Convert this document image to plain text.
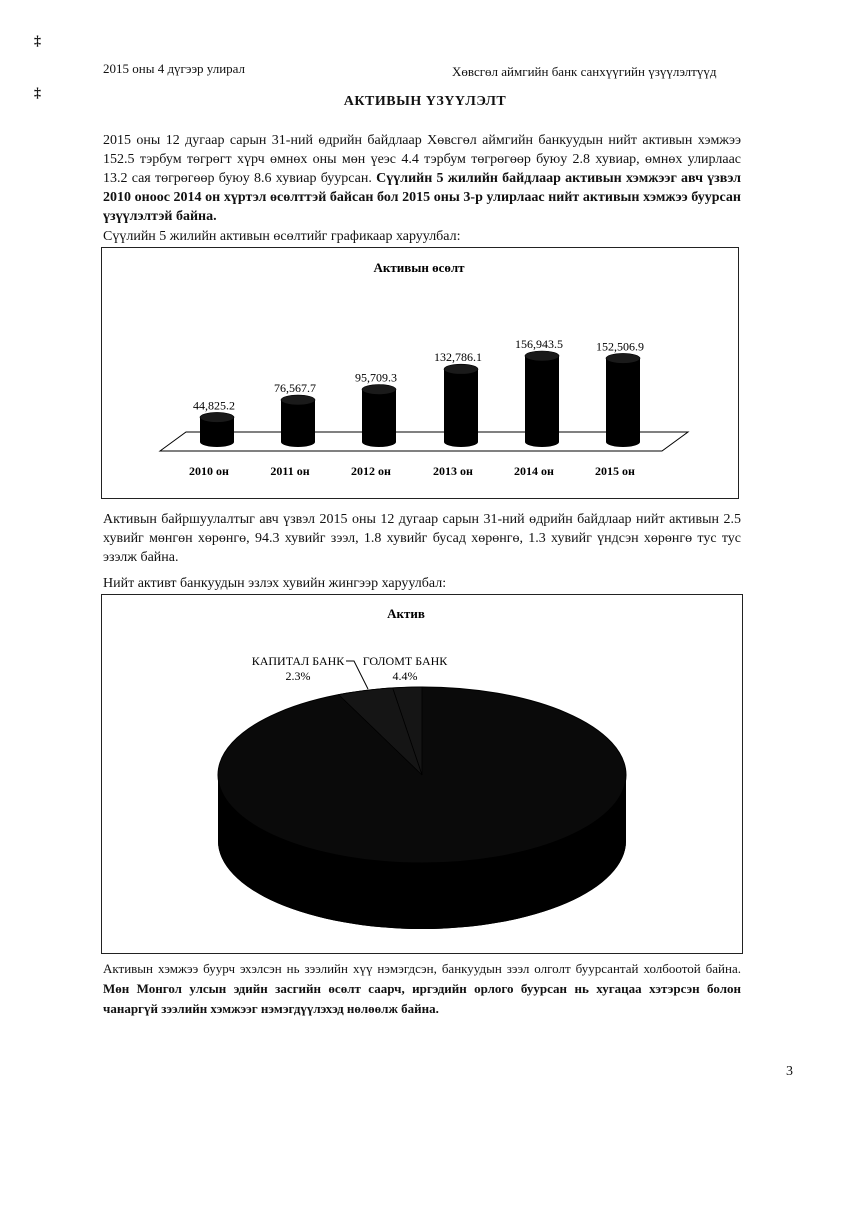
‡
‡
2015 оны 4 дүгээр улирал	Хөвсгөл аймгийн банк санхүүгийн үзүүлэлтүүд
АКТИВЫН ҮЗҮҮЛЭЛТ
2015 оны 12 дугаар сарын 31-ний өдрийн байдлаар Хөвсгөл аймгийн банкуудын нийт активын хэмжээ 152.5 тэрбум төгрөгт хүрч өмнөх оны мөн үеэс 4.4 тэрбум төгрөгөөр буюу 2.8 хувиар, өмнөх улирлаас 13.2 сая төгрөгөөр буюу 8.6 хувиар буурсан. Сүүлийн 5 жилийн байдлаар активын хэмжээг авч үзвэл 2010 оноос 2014 он хүртэл өсөлттэй байсан бол 2015 оны 3-р улирлаас нийт активын хэмжээ буурсан үзүүлэлтэй байна.
Сүүлийн 5 жилийн активын өсөлтийг графикаар харуулбал:
Активын өсөлт
44,825.2
2010 он
76,567.7
2011 он
95,709.3
2012 он
132,786.1
2013 он
156,943.5
2014 он
152,506.9
2015 он
Активын байршуулалтыг авч үзвэл 2015 оны 12 дугаар сарын 31-ний өдрийн байдлаар нийт активын 2.5 хувийг мөнгөн хөрөнгө, 94.3 хувийг зээл, 1.8 хувийг бусад хөрөнгө, 1.3 хувийг үндсэн хөрөнгө тус тус эзэлж байна.
Нийт активт банкуудын эзлэх хувийн жингээр харуулбал:
Актив
КАПИТАЛ БАНК
2.3%
ГОЛОМТ БАНК
4.4%
Активын хэмжээ буурч эхэлсэн нь зээлийн хүү нэмэгдсэн, банкуудын зээл олголт буурсантай холбоотой байна. Мөн Монгол улсын эдийн засгийн өсөлт саарч, иргэдийн орлого буурсан нь хугацаа хэтэрсэн болон чанаргүй зээлийн хэмжээг нэмэгдүүлэхэд нөлөөлж байна.
3
